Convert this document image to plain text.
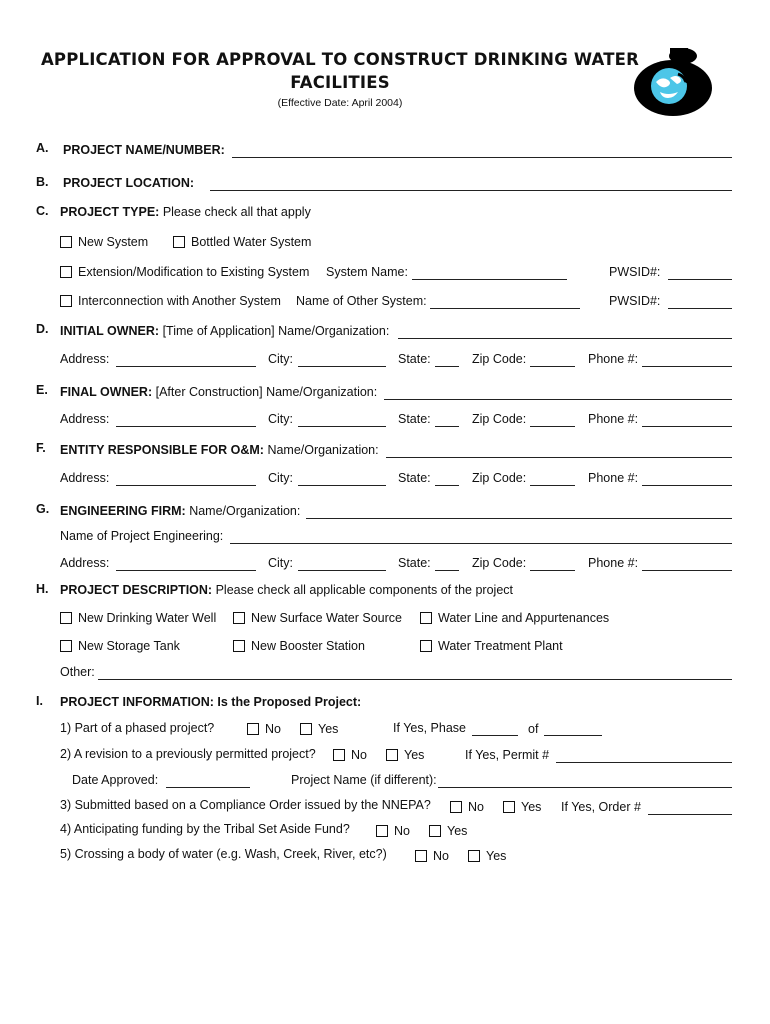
APPLICATION FOR APPROVAL TO CONSTRUCT DRINKING WATER
FACILITIES
(Effective Date: April 2004)
A. PROJECT NAME/NUMBER:
B. PROJECT LOCATION:
C. PROJECT TYPE: Please check all that apply
New System	Bottled Water System
Extension/Modification to Existing System System Name:	PWSID#:
Interconnection with Another System Name of Other System:	PWSID#:
D. INITIAL OWNER: [Time of Application] Name/Organization:
Address:	City:	State:	Zip Code:	Phone #:
E. FINAL OWNER: [After Construction] Name/Organization:
Address:	City:	State:	Zip Code:	Phone #:
F. ENTITY RESPONSIBLE FOR O&M: Name/Organization:
Address:	City:	State:	Zip Code:	Phone #:
G. ENGINEERING FIRM: Name/Organization:
Name of Project Engineering:
Address:	City:	State:	Zip Code:	Phone #:
H. PROJECT DESCRIPTION: Please check all applicable components of the project
New Drinking Water Well	New Surface Water Source	Water Line and Appurtenances
New Storage Tank	New Booster Station	Water Treatment Plant
Other:
I. PROJECT INFORMATION: Is the Proposed Project:
1) Part of a phased project?	No	Yes	If Yes, Phase	of
2) A revision to a previously permitted project?	No	Yes	If Yes, Permit #
Date Approved:	Project Name (if different):
3) Submitted based on a Compliance Order issued by the NNEPA?	No	Yes If Yes, Order #
4) Anticipating funding by the Tribal Set Aside Fund?	No	Yes
5) Crossing a body of water (e.g. Wash, Creek, River, etc?)	No	Yes
